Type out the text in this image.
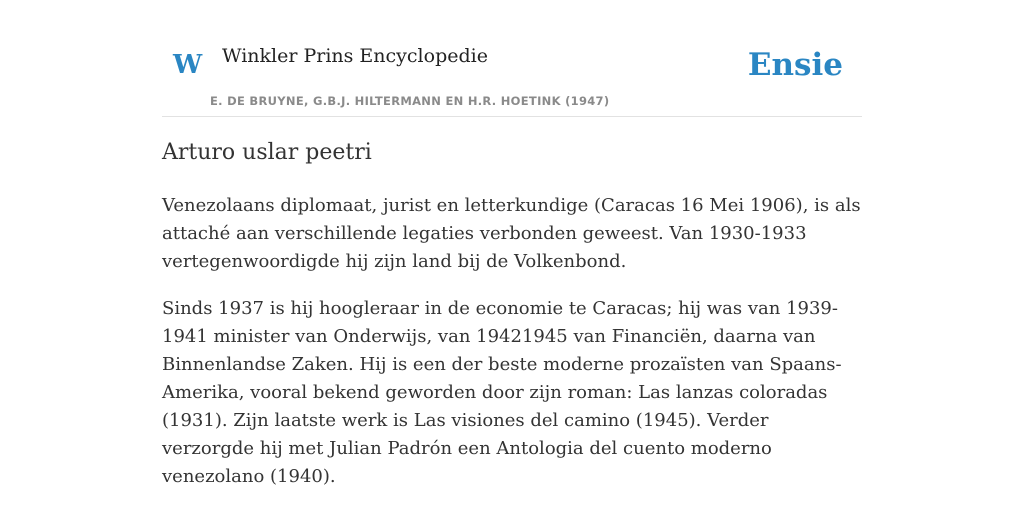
W Winkler Prins Encyclopedie
E. DE BRUYNE, G.B.J. HILTERMANN EN H.R. HOETINK (1947)
Ensie
Arturo uslar peetri

Venezolaans diplomaat, jurist en letterkundige (Caracas 16 Mei 1906), is als attaché aan verschillende legaties verbonden geweest. Van 1930-1933 vertegenwoordigde hij zijn land bij de Volkenbond.

Sinds 1937 is hij hoogleraar in de economie te Caracas; hij was van 1939-1941 minister van Onderwijs, van 19421945 van Financiën, daarna van Binnenlandse Zaken. Hij is een der beste moderne prozaïsten van Spaans-Amerika, vooral bekend geworden door zijn roman: Las lanzas coloradas (1931). Zijn laatste werk is Las visiones del camino (1945). Verder verzorgde hij met Julian Padrón een Antologia del cuento moderno venezolano (1940).
